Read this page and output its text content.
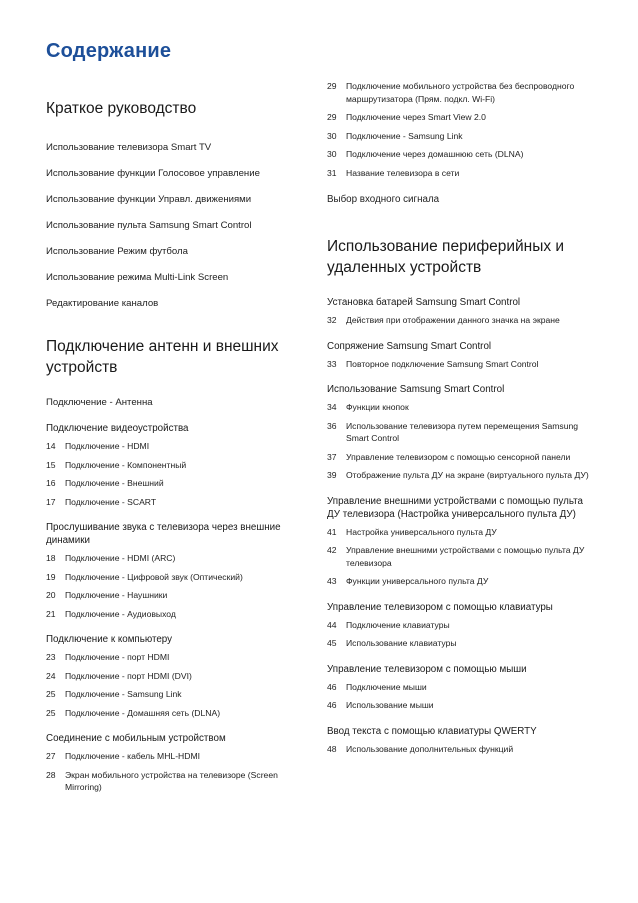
Содержание
Краткое руководство
Использование телевизора Smart TV
Использование функции Голосовое управление
Использование функции Управл. движениями
Использование пульта Samsung Smart Control
Использование Режим футбола
Использование режима Multi-Link Screen
Редактирование каналов
Подключение антенн и внешних устройств
Подключение - Антенна
Подключение видеоустройства
14	Подключение - HDMI
15	Подключение - Компонентный
16	Подключение - Внешний
17	Подключение - SCART
Прослушивание звука с телевизора через внешние динамики
18	Подключение - HDMI (ARC)
19	Подключение - Цифровой звук (Оптический)
20	Подключение - Наушники
21	Подключение - Аудиовыход
Подключение к компьютеру
23	Подключение - порт HDMI
24	Подключение - порт HDMI (DVI)
25	Подключение - Samsung Link
25	Подключение - Домашняя сеть (DLNA)
Соединение с мобильным устройством
27	Подключение - кабель MHL-HDMI
28	Экран мобильного устройства на телевизоре (Screen Mirroring)
29	Подключение мобильного устройства без беспроводного маршрутизатора (Прям. подкл. Wi-Fi)
29	Подключение через Smart View 2.0
30	Подключение - Samsung Link
30	Подключение через домашнюю сеть (DLNA)
31	Название телевизора в сети
Выбор входного сигнала
Использование периферийных и удаленных устройств
Установка батарей Samsung Smart Control
32	Действия при отображении данного значка на экране
Сопряжение Samsung Smart Control
33	Повторное подключение Samsung Smart Control
Использование Samsung Smart Control
34	Функции кнопок
36	Использование телевизора путем перемещения Samsung Smart Control
37	Управление телевизором с помощью сенсорной панели
39	Отображение пульта ДУ на экране (виртуального пульта ДУ)
Управление внешними устройствами с помощью пульта ДУ телевизора (Настройка универсального пульта ДУ)
41	Настройка универсального пульта ДУ
42	Управление внешними устройствами с помощью пульта ДУ телевизора
43	Функции универсального пульта ДУ
Управление телевизором с помощью клавиатуры
44	Подключение клавиатуры
45	Использование клавиатуры
Управление телевизором с помощью мыши
46	Подключение мыши
46	Использование мыши
Ввод текста с помощью клавиатуры QWERTY
48	Использование дополнительных функций
